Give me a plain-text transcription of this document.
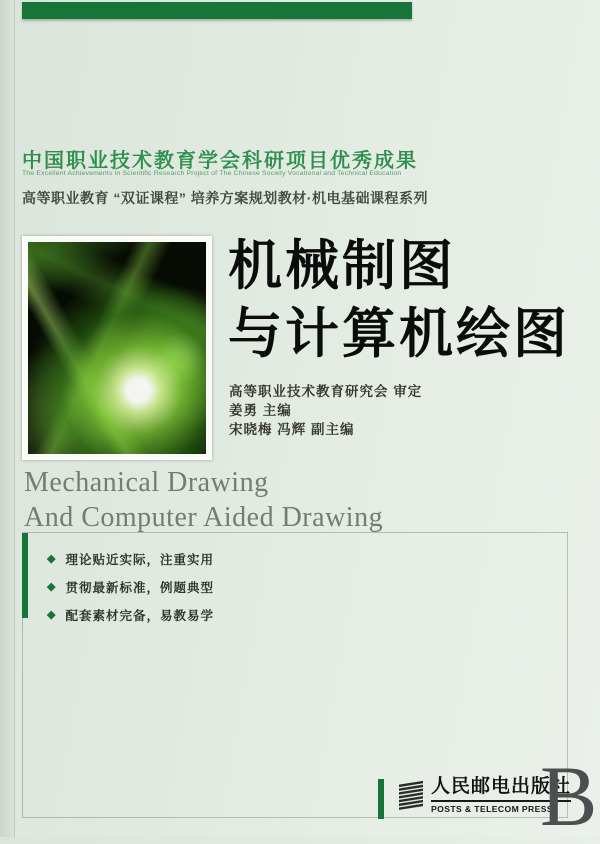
中国职业技术教育学会科研项目优秀成果
The Excellent Achievements in Scientific Research Project of The Chinese Society Vocational and Technical Education
高等职业教育 “双证课程” 培养方案规划教材·机电基础课程系列
机械制图
与计算机绘图
高等职业技术教育研究会 审定
姜勇 主编
宋晓梅 冯辉 副主编
Mechanical Drawing
And Computer Aided Drawing
◆ 理论贴近实际，注重实用
◆ 贯彻最新标准，例题典型
◆ 配套素材完备，易教易学
人民邮电出版社
POSTS & TELECOM PRESS
B
